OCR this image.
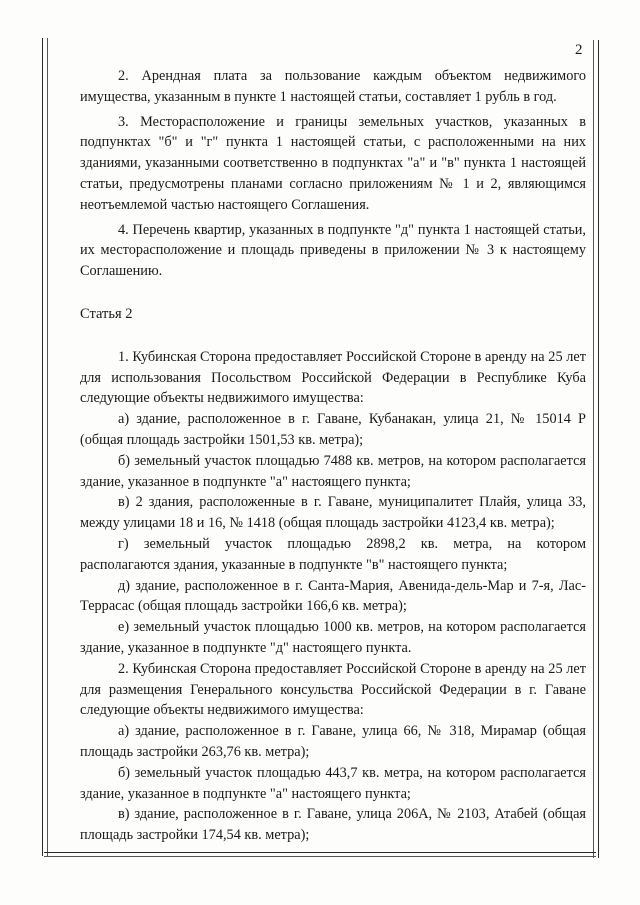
2

2. Арендная плата за пользование каждым объектом недвижимого имущества, указанным в пункте 1 настоящей статьи, составляет 1 рубль в год.

3. Месторасположение и границы земельных участков, указанных в подпунктах "б" и "г" пункта 1 настоящей статьи, с расположенными на них зданиями, указанными соответственно в подпунктах "а" и "в" пункта 1 настоящей статьи, предусмотрены планами согласно приложениям № 1 и 2, являющимся неотъемлемой частью настоящего Соглашения.

4. Перечень квартир, указанных в подпункте "д" пункта 1 настоящей статьи, их месторасположение и площадь приведены в приложении № 3 к настоящему Соглашению.

Статья 2

1. Кубинская Сторона предоставляет Российской Стороне в аренду на 25 лет для использования Посольством Российской Федерации в Республике Куба следующие объекты недвижимого имущества:

а) здание, расположенное в г. Гаване, Кубанакан, улица 21, № 15014 Р (общая площадь застройки 1501,53 кв. метра);

б) земельный участок площадью 7488 кв. метров, на котором располагается здание, указанное в подпункте "а" настоящего пункта;

в) 2 здания, расположенные в г. Гаване, муниципалитет Плайя, улица 33, между улицами 18 и 16, № 1418 (общая площадь застройки 4123,4 кв. метра);

г) земельный участок площадью 2898,2 кв. метра, на котором располагаются здания, указанные в подпункте "в" настоящего пункта;

д) здание, расположенное в г. Санта-Мария, Авенида-дель-Мар и 7-я, Лас-Террасас (общая площадь застройки 166,6 кв. метра);

е) земельный участок площадью 1000 кв. метров, на котором располагается здание, указанное в подпункте "д" настоящего пункта.

2. Кубинская Сторона предоставляет Российской Стороне в аренду на 25 лет для размещения Генерального консульства Российской Федерации в г. Гаване следующие объекты недвижимого имущества:

а) здание, расположенное в г. Гаване, улица 66, № 318, Мирамар (общая площадь застройки 263,76 кв. метра);

б) земельный участок площадью 443,7 кв. метра, на котором располагается здание, указанное в подпункте "а" настоящего пункта;

в) здание, расположенное в г. Гаване, улица 206А, № 2103, Атабей (общая площадь застройки 174,54 кв. метра);
